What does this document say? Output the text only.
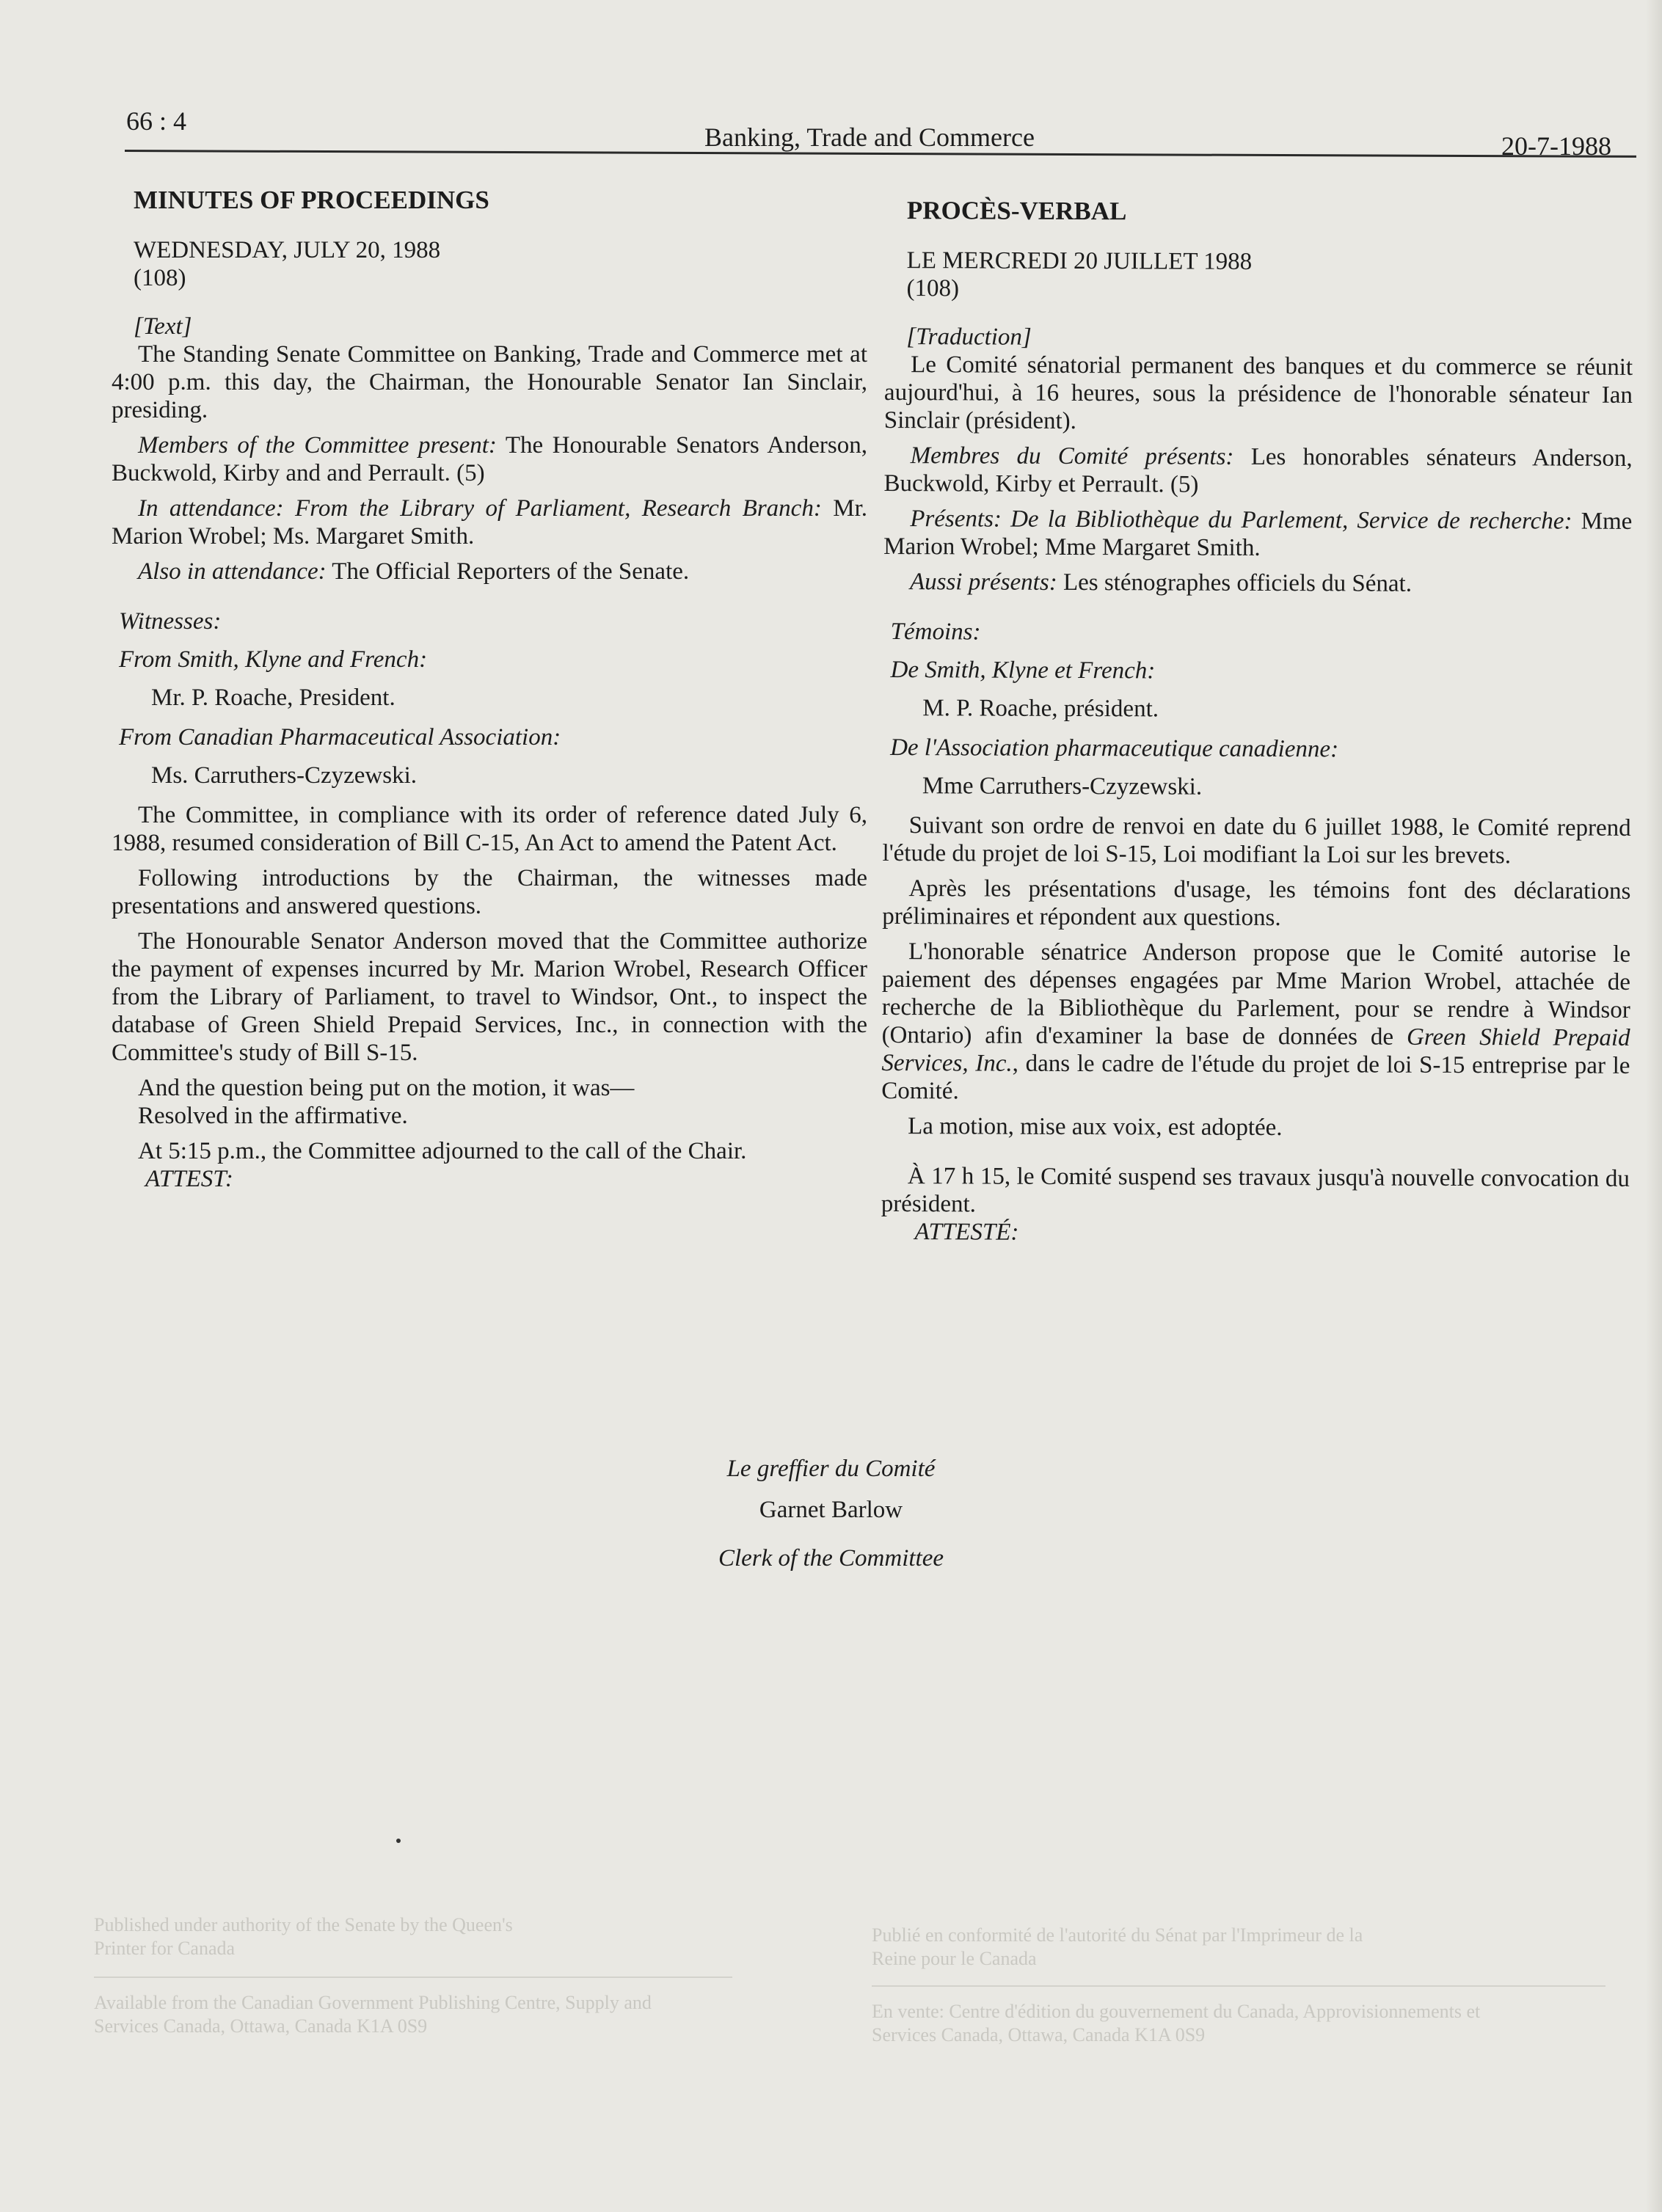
66 : 4
Banking, Trade and Commerce	20-7-1988

MINUTES OF PROCEEDINGS

WEDNESDAY, JULY 20, 1988

(108)

[Text]

The Standing Senate Committee on Banking, Trade and Commerce met at 4:00 p.m. this day, the Chairman, the Honourable Senator Ian Sinclair, presiding.

Members of the Committee present: The Honourable Senators Anderson, Buckwold, Kirby and and Perrault. (5)

In attendance: From the Library of Parliament, Research Branch: Mr. Marion Wrobel; Ms. Margaret Smith.

Also in attendance: The Official Reporters of the Senate.

Witnesses:

From Smith, Klyne and French:

Mr. P. Roache, President.

From Canadian Pharmaceutical Association:

Ms. Carruthers-Czyzewski.

The Committee, in compliance with its order of reference dated July 6, 1988, resumed consideration of Bill C-15, An Act to amend the Patent Act.

Following introductions by the Chairman, the witnesses made presentations and answered questions.

The Honourable Senator Anderson moved that the Committee authorize the payment of expenses incurred by Mr. Marion Wrobel, Research Officer from the Library of Parliament, to travel to Windsor, Ont., to inspect the database of Green Shield Prepaid Services, Inc., in connection with the Committee's study of Bill S-15.

And the question being put on the motion, it was—

Resolved in the affirmative.

At 5:15 p.m., the Committee adjourned to the call of the Chair.

ATTEST:

PROCÈS-VERBAL

LE MERCREDI 20 JUILLET 1988

(108)

[Traduction]

Le Comité sénatorial permanent des banques et du commerce se réunit aujourd'hui, à 16 heures, sous la présidence de l'honorable sénateur Ian Sinclair (président).

Membres du Comité présents: Les honorables sénateurs Anderson, Buckwold, Kirby et Perrault. (5)

Présents: De la Bibliothèque du Parlement, Service de recherche: Mme Marion Wrobel; Mme Margaret Smith.

Aussi présents: Les sténographes officiels du Sénat.

Témoins:

De Smith, Klyne et French:

M. P. Roache, président.

De l'Association pharmaceutique canadienne:

Mme Carruthers-Czyzewski.

Suivant son ordre de renvoi en date du 6 juillet 1988, le Comité reprend l'étude du projet de loi S-15, Loi modifiant la Loi sur les brevets.

Après les présentations d'usage, les témoins font des déclarations préliminaires et répondent aux questions.

L'honorable sénatrice Anderson propose que le Comité autorise le paiement des dépenses engagées par Mme Marion Wrobel, attachée de recherche de la Bibliothèque du Parlement, pour se rendre à Windsor (Ontario) afin d'examiner la base de données de Green Shield Prepaid Services, Inc., dans le cadre de l'étude du projet de loi S-15 entreprise par le Comité.

La motion, mise aux voix, est adoptée.

À 17 h 15, le Comité suspend ses travaux jusqu'à nouvelle convocation du président.

ATTESTÉ:

Le greffier du Comité
Garnet Barlow
Clerk of the Committee
Published under authority of the Senate by the Queen's Printer for Canada
Available from the Canadian Government Publishing Centre, Supply and Services Canada, Ottawa, Canada K1A 0S9
Publié en conformité de l'autorité du Sénat par l'Imprimeur de la Reine pour le Canada
En vente: Centre d'édition du gouvernement du Canada, Approvisionnements et Services Canada, Ottawa, Canada K1A 0S9
